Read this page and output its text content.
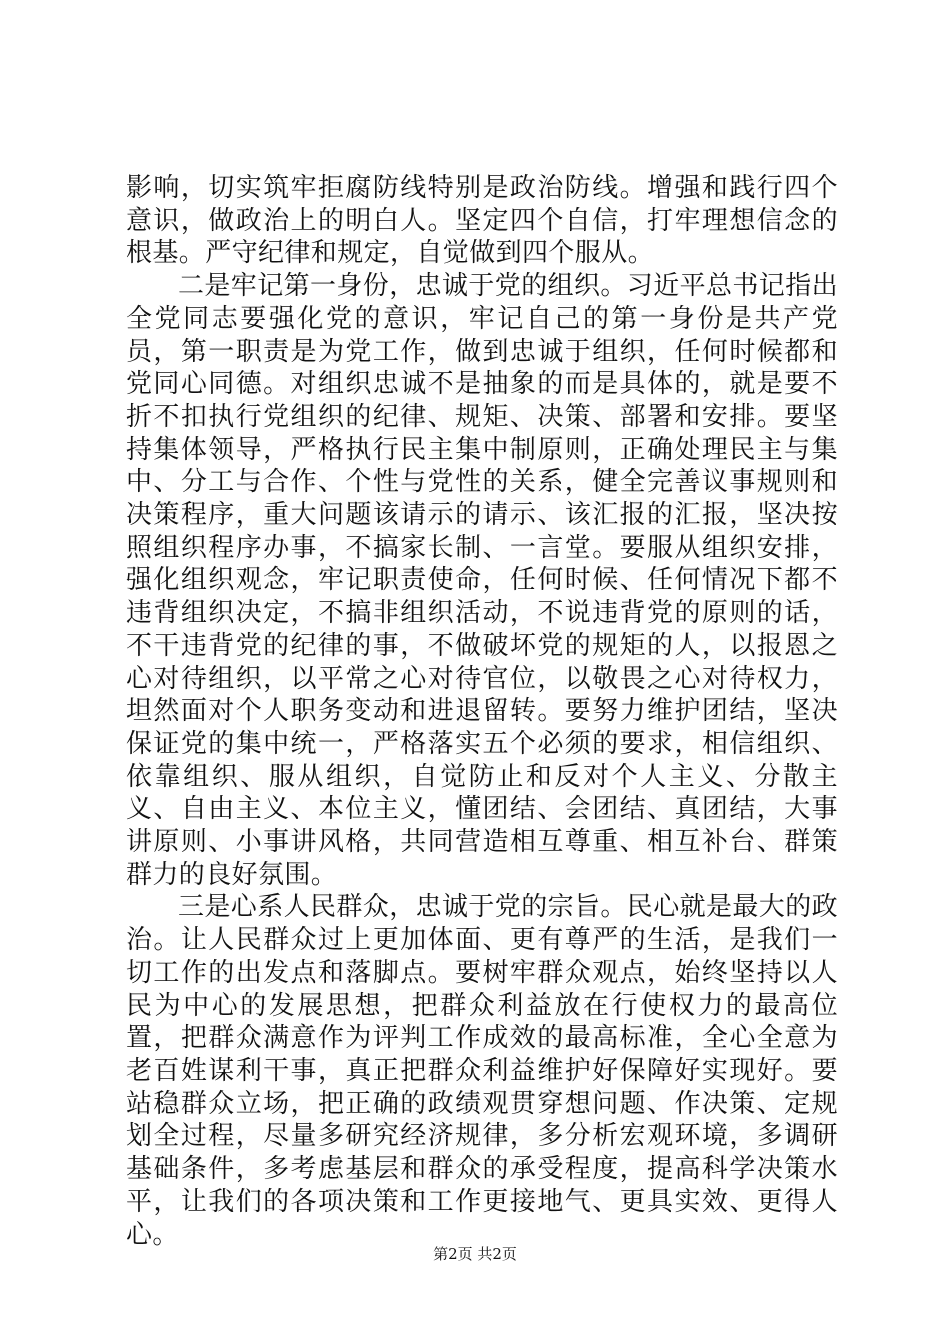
影响，切实筑牢拒腐防线特别是政治防线。增强和践行四个意识，做政治上的明白人。坚定四个自信，打牢理想信念的根基。严守纪律和规定，自觉做到四个服从。

二是牢记第一身份，忠诚于党的组织。习近平总书记指出全党同志要强化党的意识，牢记自己的第一身份是共产党员，第一职责是为党工作，做到忠诚于组织，任何时候都和党同心同德。对组织忠诚不是抽象的而是具体的，就是要不折不扣执行党组织的纪律、规矩、决策、部署和安排。要坚持集体领导，严格执行民主集中制原则，正确处理民主与集中、分工与合作、个性与党性的关系，健全完善议事规则和决策程序，重大问题该请示的请示、该汇报的汇报，坚决按照组织程序办事，不搞家长制、一言堂。要服从组织安排，强化组织观念，牢记职责使命，任何时候、任何情况下都不违背组织决定，不搞非组织活动，不说违背党的原则的话，不干违背党的纪律的事，不做破坏党的规矩的人，以报恩之心对待组织，以平常之心对待官位，以敬畏之心对待权力，坦然面对个人职务变动和进退留转。要努力维护团结，坚决保证党的集中统一，严格落实五个必须的要求，相信组织、依靠组织、服从组织，自觉防止和反对个人主义、分散主义、自由主义、本位主义，懂团结、会团结、真团结，大事讲原则、小事讲风格，共同营造相互尊重、相互补台、群策群力的良好氛围。

三是心系人民群众，忠诚于党的宗旨。民心就是最大的政治。让人民群众过上更加体面、更有尊严的生活，是我们一切工作的出发点和落脚点。要树牢群众观点，始终坚持以人民为中心的发展思想，把群众利益放在行使权力的最高位置，把群众满意作为评判工作成效的最高标准，全心全意为老百姓谋利干事，真正把群众利益维护好保障好实现好。要站稳群众立场，把正确的政绩观贯穿想问题、作决策、定规划全过程，尽量多研究经济规律，多分析宏观环境，多调研基础条件，多考虑基层和群众的承受程度，提高科学决策水平，让我们的各项决策和工作更接地气、更具实效、更得人心。

第2页 共2页
